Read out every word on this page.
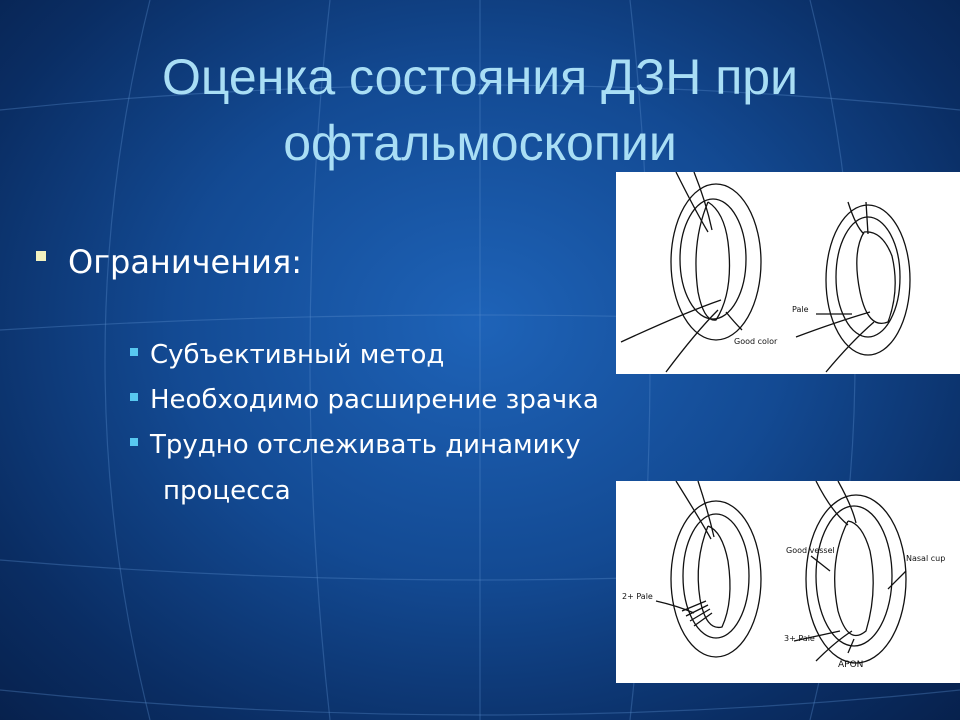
Оценка состояния ДЗН при
офтальмоскопии
Ограничения:
Субъективный метод
Необходимо расширение зрачка
Трудно отслеживать динамику
процесса
Good color
Pale
2+ Pale
Good vessel
Nasal cup
3+ Pale
APON
